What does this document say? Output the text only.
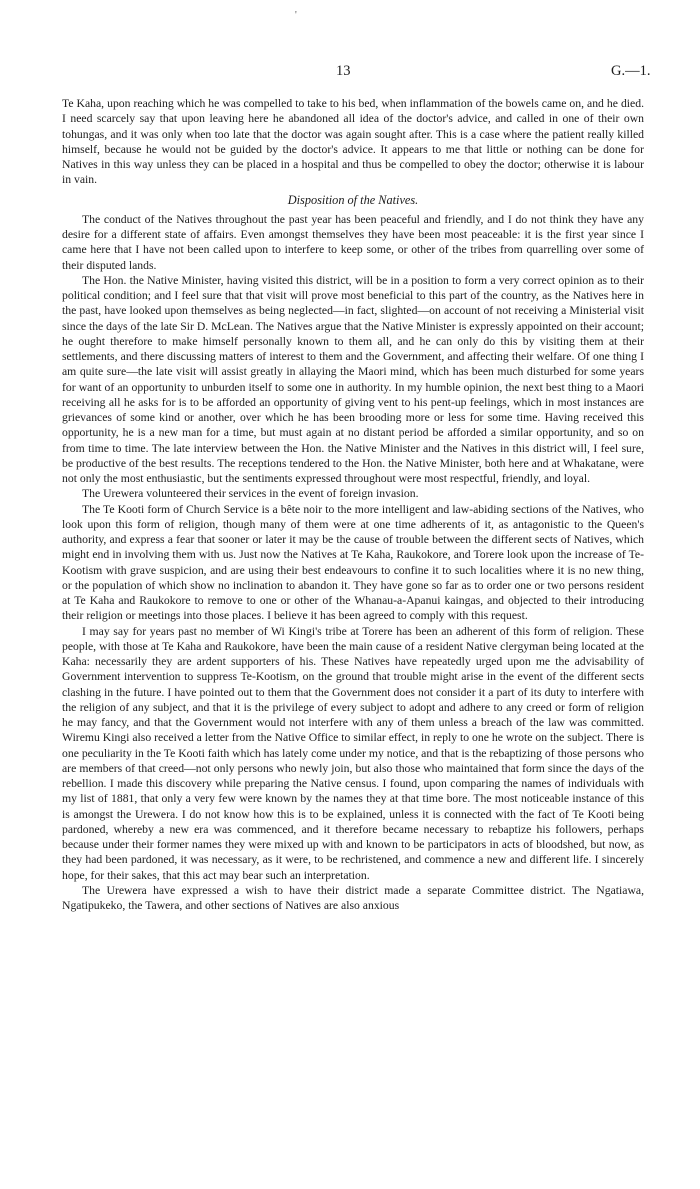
'
13	G.—1.

Te Kaha, upon reaching which he was compelled to take to his bed, when inflammation of the bowels came on, and he died. I need scarcely say that upon leaving here he abandoned all idea of the doctor's advice, and called in one of their own tohungas, and it was only when too late that the doctor was again sought after. This is a case where the patient really killed himself, because he would not be guided by the doctor's advice. It appears to me that little or nothing can be done for Natives in this way unless they can be placed in a hospital and thus be compelled to obey the doctor; otherwise it is labour in vain.

Disposition of the Natives.

The conduct of the Natives throughout the past year has been peaceful and friendly, and I do not think they have any desire for a different state of affairs. Even amongst themselves they have been most peaceable: it is the first year since I came here that I have not been called upon to interfere to keep some, or other of the tribes from quarrelling over some of their disputed lands.

The Hon. the Native Minister, having visited this district, will be in a position to form a very correct opinion as to their political condition; and I feel sure that that visit will prove most beneficial to this part of the country, as the Natives here in the past, have looked upon themselves as being neglected—in fact, slighted—on account of not receiving a Ministerial visit since the days of the late Sir D. McLean. The Natives argue that the Native Minister is expressly appointed on their account; he ought therefore to make himself personally known to them all, and he can only do this by visiting them at their settlements, and there discussing matters of interest to them and the Government, and affecting their welfare. Of one thing I am quite sure—the late visit will assist greatly in allaying the Maori mind, which has been much disturbed for some years for want of an opportunity to unburden itself to some one in authority. In my humble opinion, the next best thing to a Maori receiving all he asks for is to be afforded an opportunity of giving vent to his pent-up feelings, which in most instances are grievances of some kind or another, over which he has been brooding more or less for some time. Having received this opportunity, he is a new man for a time, but must again at no distant period be afforded a similar opportunity, and so on from time to time. The late interview between the Hon. the Native Minister and the Natives in this district will, I feel sure, be productive of the best results. The receptions tendered to the Hon. the Native Minister, both here and at Whakatane, were not only the most enthusiastic, but the sentiments expressed throughout were most respectful, friendly, and loyal.

The Urewera volunteered their services in the event of foreign invasion.

The Te Kooti form of Church Service is a bête noir to the more intelligent and law-abiding sections of the Natives, who look upon this form of religion, though many of them were at one time adherents of it, as antagonistic to the Queen's authority, and express a fear that sooner or later it may be the cause of trouble between the different sects of Natives, which might end in involving them with us. Just now the Natives at Te Kaha, Raukokore, and Torere look upon the increase of Te-Kootism with grave suspicion, and are using their best endeavours to confine it to such localities where it is no new thing, or the population of which show no inclination to abandon it. They have gone so far as to order one or two persons resident at Te Kaha and Raukokore to remove to one or other of the Whanau-a-Apanui kaingas, and objected to their introducing their religion or meetings into those places. I believe it has been agreed to comply with this request.

I may say for years past no member of Wi Kingi's tribe at Torere has been an adherent of this form of religion. These people, with those at Te Kaha and Raukokore, have been the main cause of a resident Native clergyman being located at the Kaha: necessarily they are ardent supporters of his. These Natives have repeatedly urged upon me the advisability of Government intervention to suppress Te-Kootism, on the ground that trouble might arise in the event of the different sects clashing in the future. I have pointed out to them that the Government does not consider it a part of its duty to interfere with the religion of any subject, and that it is the privilege of every subject to adopt and adhere to any creed or form of religion he may fancy, and that the Government would not interfere with any of them unless a breach of the law was committed. Wiremu Kingi also received a letter from the Native Office to similar effect, in reply to one he wrote on the subject. There is one peculiarity in the Te Kooti faith which has lately come under my notice, and that is the rebaptizing of those persons who are members of that creed—not only persons who newly join, but also those who maintained that form since the days of the rebellion. I made this discovery while preparing the Native census. I found, upon comparing the names of individuals with my list of 1881, that only a very few were known by the names they at that time bore. The most noticeable instance of this is amongst the Urewera. I do not know how this is to be explained, unless it is connected with the fact of Te Kooti being pardoned, whereby a new era was commenced, and it therefore became necessary to rebaptize his followers, perhaps because under their former names they were mixed up with and known to be participators in acts of bloodshed, but now, as they had been pardoned, it was necessary, as it were, to be rechristened, and commence a new and different life. I sincerely hope, for their sakes, that this act may bear such an interpretation.

The Urewera have expressed a wish to have their district made a separate Committee district. The Ngatiawa, Ngatipukeko, the Tawera, and other sections of Natives are also anxious
